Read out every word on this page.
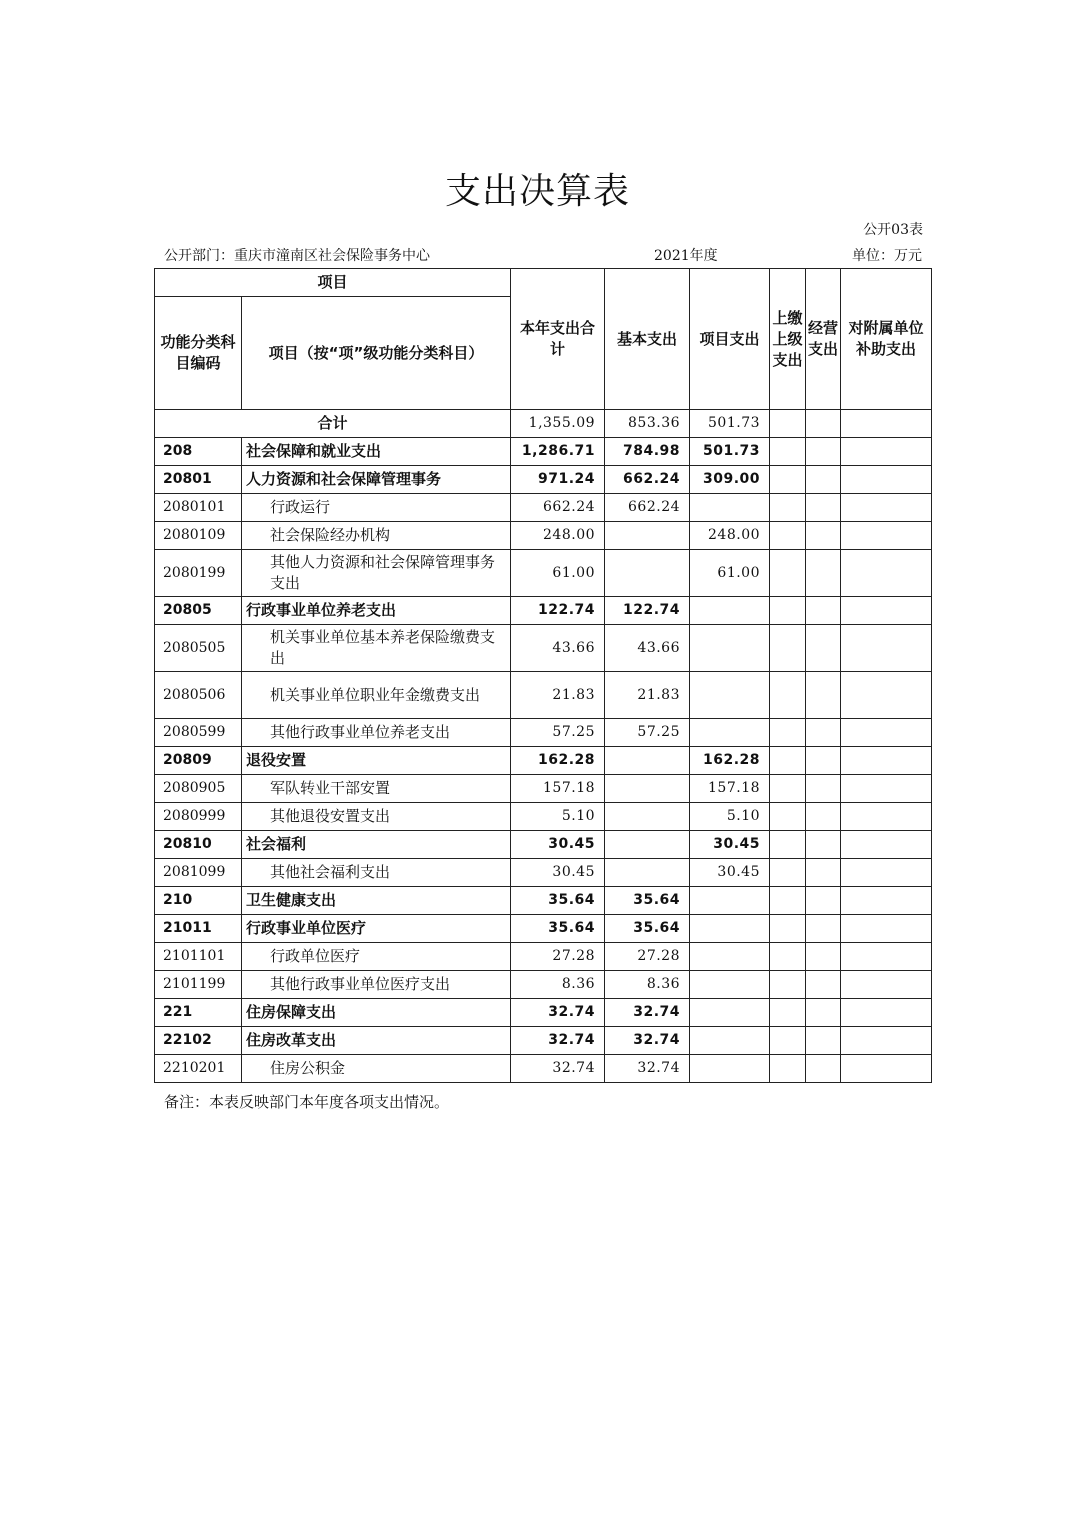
支出决算表
公开03表
公开部门：重庆市潼南区社会保险事务中心	2021年度	单位：万元
项目		本年支出合计	基本支出	项目支出	上缴上级支出	经营支出	对附属单位补助支出
功能分类科目编码	项目（按“项”级功能分类科目）						
合计		1,355.09	853.36	501.73			
208	社会保障和就业支出	1,286.71	784.98	501.73			
20801	人力资源和社会保障管理事务	971.24	662.24	309.00			
2080101	行政运行	662.24	662.24				
2080109	社会保险经办机构	248.00		248.00			
2080199	其他人力资源和社会保障管理事务支出	61.00		61.00			
20805	行政事业单位养老支出	122.74	122.74				
2080505	机关事业单位基本养老保险缴费支出	43.66	43.66				
2080506	机关事业单位职业年金缴费支出	21.83	21.83				
2080599	其他行政事业单位养老支出	57.25	57.25				
20809	退役安置	162.28		162.28			
2080905	军队转业干部安置	157.18		157.18			
2080999	其他退役安置支出	5.10		5.10			
20810	社会福利	30.45		30.45			
2081099	其他社会福利支出	30.45		30.45			
210	卫生健康支出	35.64	35.64				
21011	行政事业单位医疗	35.64	35.64				
2101101	行政单位医疗	27.28	27.28				
2101199	其他行政事业单位医疗支出	8.36	8.36				
221	住房保障支出	32.74	32.74				
22102	住房改革支出	32.74	32.74				
2210201	住房公积金	32.74	32.74				
备注：本表反映部门本年度各项支出情况。
